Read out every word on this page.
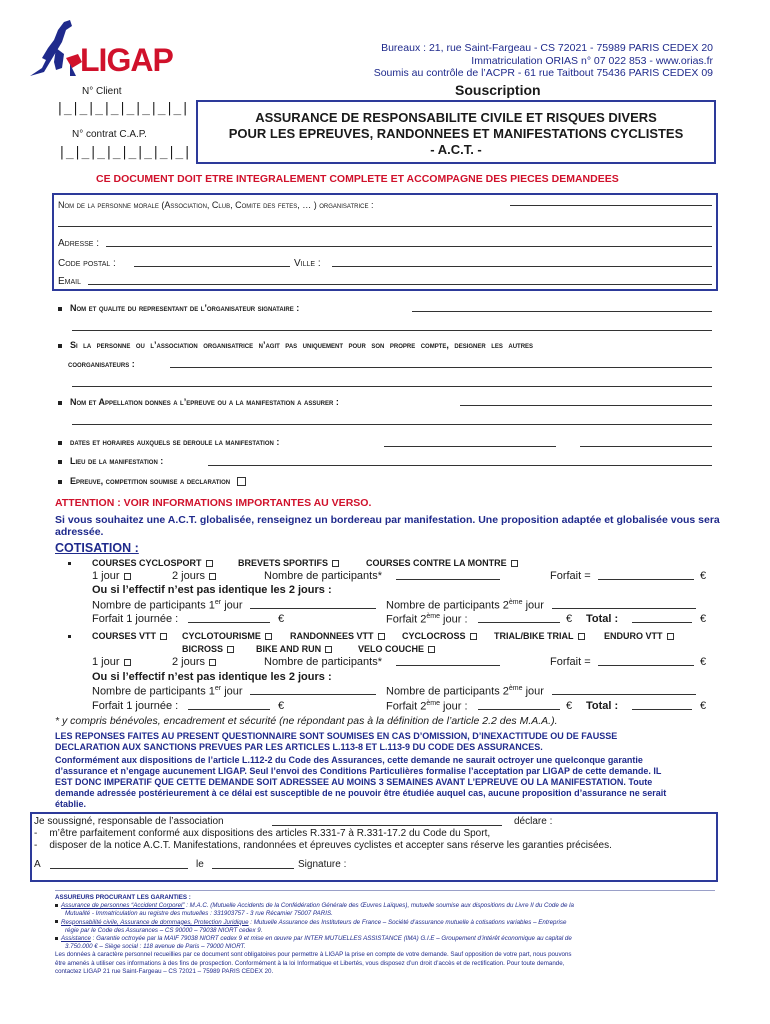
LIGAP	Bureaux : 21, rue Saint-Fargeau - CS 72021 - 75989 PARIS CEDEX 20
Immatriculation ORIAS n° 07 022 853 - www.orias.fr
Soumis au contrôle de l’ACPR - 61 rue Taitbout 75436 PARIS CEDEX 09
Souscription
N° Client
|_|_|_|_|_|_|_|_|
N° contrat C.A.P.
|_|_|_|_|_|_|_|_|
ASSURANCE DE RESPONSABILITE CIVILE ET RISQUES DIVERS
POUR LES EPREUVES, RANDONNEES ET MANIFESTATIONS CYCLISTES
- A.C.T. -
CE DOCUMENT DOIT ETRE INTEGRALEMENT COMPLETE ET ACCOMPAGNE DES PIECES DEMANDEES
Nom de la personne morale (Association, Club, Comite des fetes, … ) organisatrice :
Adresse :
Code postal :	Ville :
Email
Nom et qualite du representant de l’organisateur signataire :
Si la personne ou l’association organisatrice n’agit pas uniquement pour son propre compte, designer les autres
coorganisateurs :
Nom et Appellation donnes a l’epreuve ou a la manifestation a assurer :
dates et horaires auxquels se deroule la manifestation :
Lieu de la manifestation :
Epreuve, competition soumise a declaration
ATTENTION : VOIR INFORMATIONS IMPORTANTES AU VERSO.
Si vous souhaitez une A.C.T. globalisée, renseignez un bordereau par manifestation. Une proposition adaptée et globalisée vous sera
adressée.
COTISATION :
COURSES CYCLOSPORT	BREVETS SPORTIFS	COURSES CONTRE LA MONTRE
1 jour	2 jours	Nombre de participants*	Forfait =	€
Ou si l’effectif n’est pas identique les 2 jours :
Nombre de participants 1er jour	Nombre de participants 2ème jour
Forfait 1 journée :	€	Forfait 2ème jour :	€ Total :	€
COURSES VTT	CYCLOTOURISME	RANDONNEES VTT	CYCLOCROSS	TRIAL/BIKE TRIAL	ENDURO VTT
BICROSS	BIKE AND RUN	VELO COUCHE
1 jour	2 jours	Nombre de participants*	Forfait =	€
Ou si l’effectif n’est pas identique les 2 jours :
Nombre de participants 1er jour	Nombre de participants 2ème jour
Forfait 1 journée :	€	Forfait 2ème jour :	€ Total :	€
* y compris bénévoles, encadrement et sécurité (ne répondant pas à la définition de l’article 2.2 des M.A.A.).
LES REPONSES FAITES AU PRESENT QUESTIONNAIRE SONT SOUMISES EN CAS D’OMISSION, D’INEXACTITUDE OU DE FAUSSE
DECLARATION AUX SANCTIONS PREVUES PAR LES ARTICLES L.113-8 ET L.113-9 DU CODE DES ASSURANCES.
Conformément aux dispositions de l’article L.112-2 du Code des Assurances, cette demande ne saurait octroyer une quelconque garantie
d’assurance et n’engage aucunement LIGAP. Seul l’envoi des Conditions Particulières formalise l’acceptation par LIGAP de cette demande. IL
EST DONC IMPERATIF QUE CETTE DEMANDE SOIT ADRESSEE AU MOINS 3 SEMAINES AVANT L’EPREUVE OU LA MANIFESTATION. Toute
demande adressée postérieurement à ce délai est susceptible de ne pouvoir être étudiée auquel cas, aucune proposition d’assurance ne serait
établie.
Je soussigné, responsable de l’association	déclare :
- m’être parfaitement conformé aux dispositions des articles R.331-7 à R.331-17.2 du Code du Sport,
- disposer de la notice A.C.T. Manifestations, randonnées et épreuves cyclistes et accepter sans réserve les garanties précisées.
A	le	Signature :
ASSUREURS PROCURANT LES GARANTIES :
Assurance de personnes “Accident Corporel” : M.A.C. (Mutuelle Accidents de la Confédération Générale des Œuvres Laïques), mutuelle soumise aux dispositions du Livre II du Code de la
Mutualité - Immatriculation au registre des mutuelles : 331903757 - 3 rue Récamier 75007 PARIS.
Responsabilité civile, Assurance de dommages, Protection Juridique : Mutuelle Assurance des Instituteurs de France – Société d’assurance mutuelle à cotisations variables – Entreprise
régie par le Code des Assurances – CS 90000 – 79038 NIORT cedex 9.
Assistance : Garantie octroyée par la MAIF 79038 NIORT cedex 9 et mise en œuvre par INTER MUTUELLES ASSISTANCE (IMA) G.I.E – Groupement d’intérêt économique au capital de
3.750.000 € – Siège social : 118 avenue de Paris – 79000 NIORT.
Les données à caractère personnel recueillies par ce document sont obligatoires pour permettre à LIGAP la prise en compte de votre demande. Sauf opposition de votre part, nous pouvons
être amenés à utiliser ces informations à des fins de prospection. Conformément à la loi Informatique et Libertés, vous disposez d’un droit d’accès et de rectification. Pour toute demande,
contactez LIGAP 21 rue Saint-Fargeau – CS 72021 – 75989 PARIS CEDEX 20.
